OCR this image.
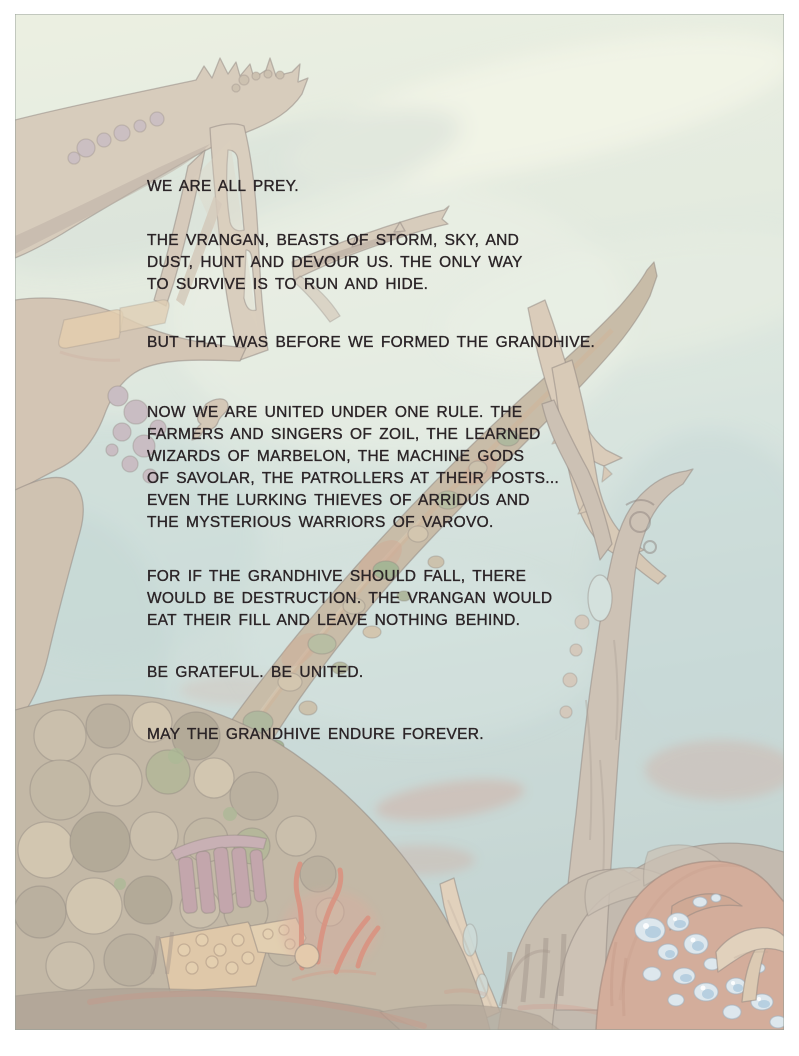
WE ARE ALL PREY.
THE VRANGAN, BEASTS OF STORM, SKY, AND
DUST, HUNT AND DEVOUR US. THE ONLY WAY
TO SURVIVE IS TO RUN AND HIDE.
BUT THAT WAS BEFORE WE FORMED THE GRANDHIVE.
NOW WE ARE UNITED UNDER ONE RULE. THE
FARMERS AND SINGERS OF ZOIL, THE LEARNED
WIZARDS OF MARBELON, THE MACHINE GODS
OF SAVOLAR, THE PATROLLERS AT THEIR POSTS...
EVEN THE LURKING THIEVES OF ARRIDUS AND
THE MYSTERIOUS WARRIORS OF VAROVO.
FOR IF THE GRANDHIVE SHOULD FALL, THERE
WOULD BE DESTRUCTION. THE VRANGAN WOULD
EAT THEIR FILL AND LEAVE NOTHING BEHIND.
BE GRATEFUL. BE UNITED.
MAY THE GRANDHIVE ENDURE FOREVER.
